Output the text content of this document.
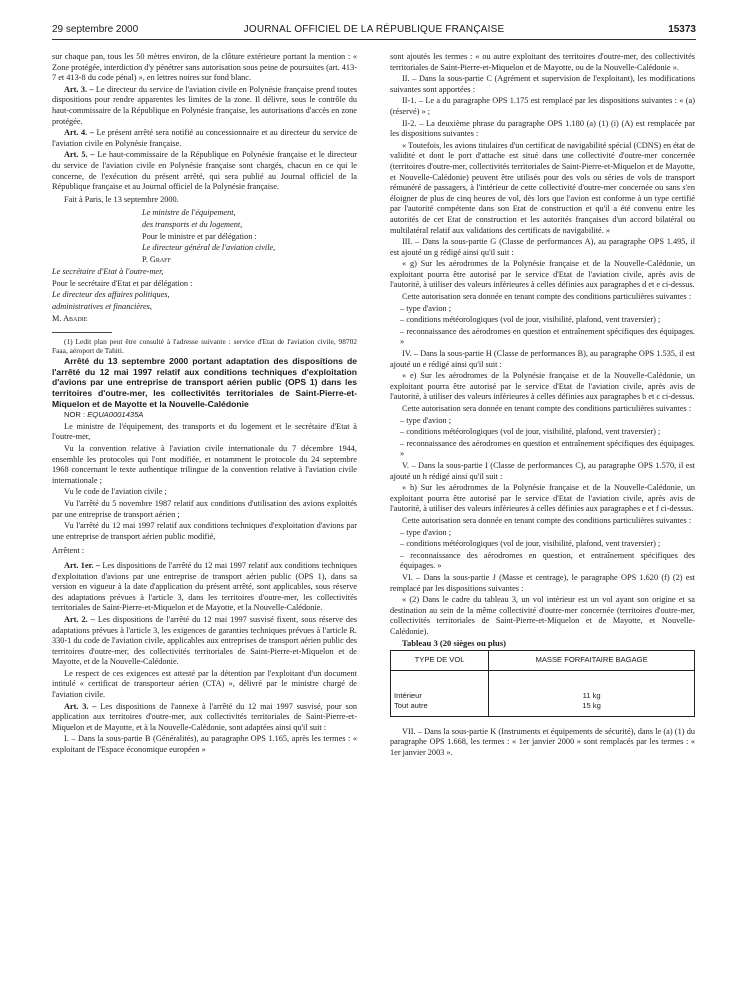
29 septembre 2000	JOURNAL OFFICIEL DE LA RÉPUBLIQUE FRANÇAISE	15373

sur chaque pan, tous les 50 mètres environ, de la clôture extérieure portant la mention : « Zone protégée, interdiction d'y pénétrer sans autorisation sous peine de poursuites (art. 413-7 et 413-8 du code pénal) », en lettres noires sur fond blanc.

Art. 3. – Le directeur du service de l'aviation civile en Polynésie française prend toutes dispositions pour rendre apparentes les limites de la zone. Il délivre, sous le contrôle du haut-commissaire de la République en Polynésie française, les autorisations d'accès en zone protégée.

Art. 4. – Le présent arrêté sera notifié au concessionnaire et au directeur du service de l'aviation civile en Polynésie française.

Art. 5. – Le haut-commissaire de la République en Polynésie française et le directeur du service de l'aviation civile en Polynésie française sont chargés, chacun en ce qui le concerne, de l'exécution du présent arrêté, qui sera publié au Journal officiel de la République française et au Journal officiel de la Polynésie française.

Fait à Paris, le 13 septembre 2000.

Le ministre de l'équipement,

des transports et du logement,

Pour le ministre et par délégation :

Le directeur général de l'aviation civile,

P. Graff

Le secrétaire d'Etat à l'outre-mer,

Pour le secrétaire d'Etat et par délégation :

Le directeur des affaires politiques,

administratives et financières,

M. Abadie

(1) Ledit plan peut être consulté à l'adresse suivante : service d'Etat de l'aviation civile, 98702 Faaa, aéroport de Tahiti.

Arrêté du 13 septembre 2000 portant adaptation des dispositions de l'arrêté du 12 mai 1997 relatif aux conditions techniques d'exploitation d'avions par une entreprise de transport aérien public (OPS 1) dans les territoires d'outre-mer, les collectivités territoriales de Saint-Pierre-et-Miquelon et de Mayotte et la Nouvelle-Calédonie

NOR : EQUA0001435A

Le ministre de l'équipement, des transports et du logement et le secrétaire d'Etat à l'outre-mer,

Vu la convention relative à l'aviation civile internationale du 7 décembre 1944, ensemble les protocoles qui l'ont modifiée, et notamment le protocole du 24 septembre 1968 concernant le texte authentique trilingue de la convention relative à l'aviation civile internationale ;

Vu le code de l'aviation civile ;

Vu l'arrêté du 5 novembre 1987 relatif aux conditions d'utilisation des avions exploités par une entreprise de transport aérien ;

Vu l'arrêté du 12 mai 1997 relatif aux conditions techniques d'exploitation d'avions par une entreprise de transport aérien public modifié,

Arrêtent :

Art. 1er. – Les dispositions de l'arrêté du 12 mai 1997 relatif aux conditions techniques d'exploitation d'avions par une entreprise de transport aérien public (OPS 1), dans sa version en vigueur à la date d'application du présent arrêté, sont applicables, sous réserve des adaptations prévues à l'article 3, dans les territoires d'outre-mer, les collectivités territoriales de Saint-Pierre-et-Miquelon et de Mayotte, et la Nouvelle-Calédonie.

Art. 2. – Les dispositions de l'arrêté du 12 mai 1997 susvisé fixent, sous réserve des adaptations prévues à l'article 3, les exigences de garanties techniques prévues à l'article R. 330-1 du code de l'aviation civile, applicables aux entreprises de transport aérien public des territoires d'outre-mer, des collectivités territoriales de Saint-Pierre-et-Miquelon et de Mayotte, et de la Nouvelle-Calédonie.

Le respect de ces exigences est attesté par la détention par l'exploitant d'un document intitulé « certificat de transporteur aérien (CTA) », délivré par le ministre chargé de l'aviation civile.

Art. 3. – Les dispositions de l'annexe à l'arrêté du 12 mai 1997 susvisé, pour son application aux territoires d'outre-mer, aux collectivités territoriales de Saint-Pierre-et-Miquelon et de Mayotte, et à la Nouvelle-Calédonie, sont adaptées ainsi qu'il suit :

I. – Dans la sous-partie B (Généralités), au paragraphe OPS 1.165, après les termes : « exploitant de l'Espace économique européen »

sont ajoutés les termes : « ou autre exploitant des territoires d'outre-mer, des collectivités territoriales de Saint-Pierre-et-Miquelon et de Mayotte, ou de la Nouvelle-Calédonie ».

II. – Dans la sous-partie C (Agrément et supervision de l'exploitant), les modifications suivantes sont apportées :

II-1. – Le a du paragraphe OPS 1.175 est remplacé par les dispositions suivantes : « (a) (réservé) » ;

II-2. – La deuxième phrase du paragraphe OPS 1.180 (a) (1) (i) (A) est remplacée par les dispositions suivantes :

« Toutefois, les avions titulaires d'un certificat de navigabilité spécial (CDNS) en état de validité et dont le port d'attache est situé dans une collectivité d'outre-mer concernée (territoires d'outre-mer, collectivités territoriales de Saint-Pierre-et-Miquelon et de Mayotte, et Nouvelle-Calédonie) peuvent être utilisés pour des vols ou séries de vols de transport rémunéré de passagers, à l'intérieur de cette collectivité d'outre-mer concernée ou sans s'en éloigner de plus de cinq heures de vol, dès lors que l'avion est conforme à un type certifié par l'autorité compétente dans son Etat de construction et qu'il a été convenu entre les autorités de cet Etat de construction et les autorités françaises d'un accord bilatéral ou multilatéral relatif aux validations des certificats de navigabilité. »

III. – Dans la sous-partie G (Classe de performances A), au paragraphe OPS 1.495, il est ajouté un g rédigé ainsi qu'il suit :

« g) Sur les aérodromes de la Polynésie française et de la Nouvelle-Calédonie, un exploitant pourra être autorisé par le service d'Etat de l'aviation civile, après avis de l'autorité, à utiliser des valeurs inférieures à celles définies aux paragraphes d et e ci-dessus.

Cette autorisation sera donnée en tenant compte des conditions particulières suivantes :

– type d'avion ;

– conditions météorologiques (vol de jour, visibilité, plafond, vent traversier) ;

– reconnaissance des aérodromes en question et entraînement spécifiques des équipages. »

IV. – Dans la sous-partie H (Classe de performances B), au paragraphe OPS 1.535, il est ajouté un e rédigé ainsi qu'il suit :

« e) Sur les aérodromes de la Polynésie française et de la Nouvelle-Calédonie, un exploitant pourra être autorisé par le service d'Etat de l'aviation civile, après avis de l'autorité, à utiliser des valeurs inférieures à celles définies aux paragraphes b et c ci-dessus.

Cette autorisation sera donnée en tenant compte des conditions particulières suivantes :

– type d'avion ;

– conditions météorologiques (vol de jour, visibilité, plafond, vent traversier) ;

– reconnaissance des aérodromes en question et entraînement spécifiques des équipages. »

V. – Dans la sous-partie I (Classe de performances C), au paragraphe OPS 1.570, il est ajouté un h rédigé ainsi qu'il suit :

« h) Sur les aérodromes de la Polynésie française et de la Nouvelle-Calédonie, un exploitant pourra être autorisé par le service d'Etat de l'aviation civile, après avis de l'autorité, à utiliser des valeurs inférieures à celles définies aux paragraphes e et f ci-dessus.

Cette autorisation sera donnée en tenant compte des conditions particulières suivantes :

– type d'avion ;

– conditions météorologiques (vol de jour, visibilité, plafond, vent traversier) ;

– reconnaissance des aérodromes en question, et entraînement spécifiques des équipages. »

VI. – Dans la sous-partie J (Masse et centrage), le paragraphe OPS 1.620 (f) (2) est remplacé par les dispositions suivantes :

« (2) Dans le cadre du tableau 3, un vol intérieur est un vol ayant son origine et sa destination au sein de la même collectivité d'outre-mer concernée (territoires d'outre-mer, collectivités territoriales de Saint-Pierre-et-Miquelon et de Mayotte, et Nouvelle-Calédonie).

Tableau 3 (20 sièges ou plus)

TYPE DE VOL	MASSE FORFAITAIRE BAGAGE
Intérieur	11 kg
Tout autre	15 kg

VII. – Dans la sous-partie K (Instruments et équipements de sécurité), dans le (a) (1) du paragraphe OPS 1.668, les termes : « 1er janvier 2000 » sont remplacés par les termes : « 1er janvier 2003 ».
